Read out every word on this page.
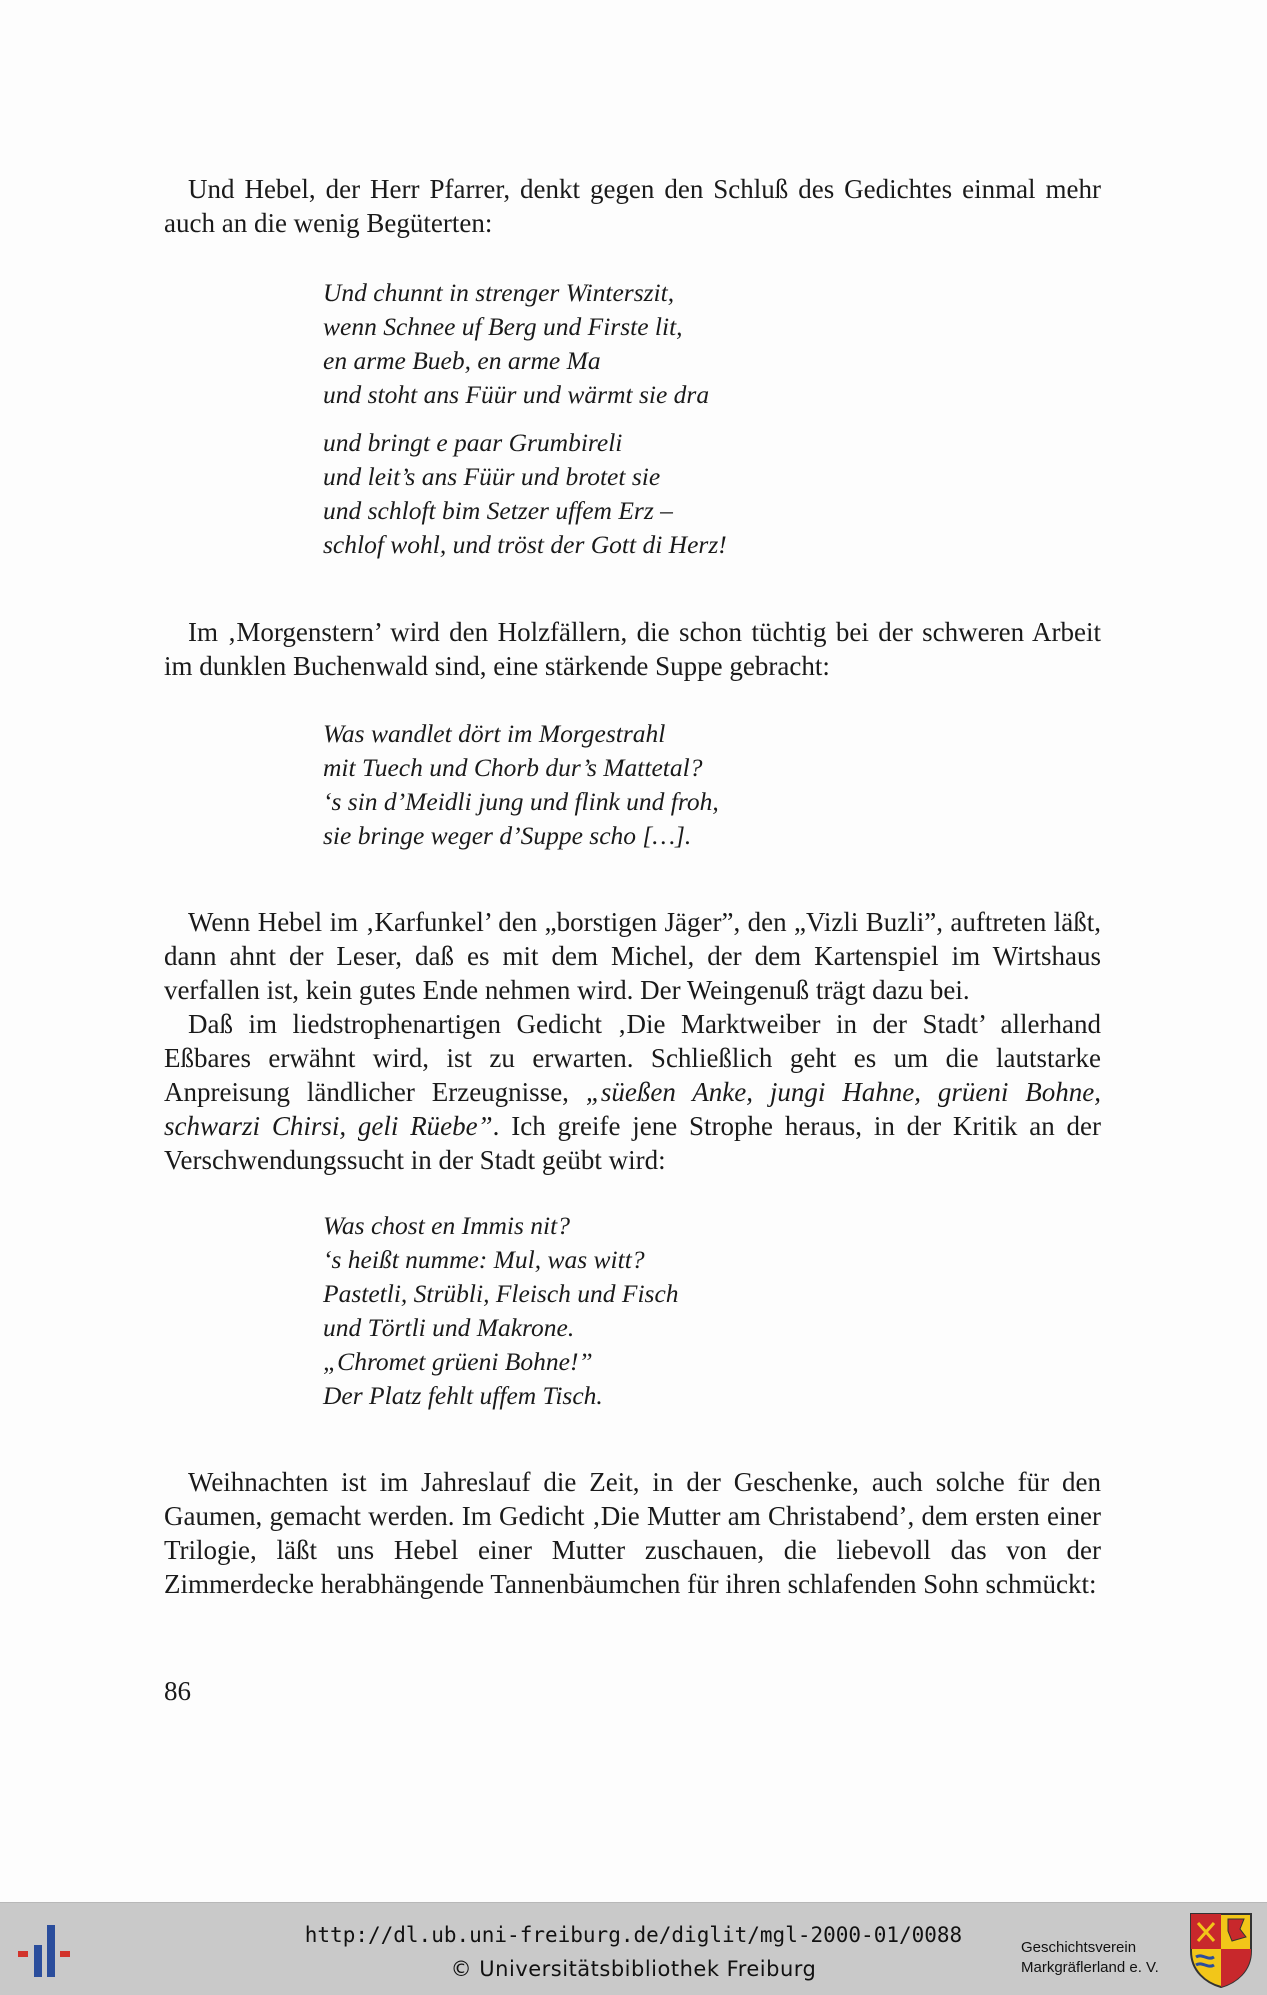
Und Hebel, der Herr Pfarrer, denkt gegen den Schluß des Gedichtes einmal mehr auch an die wenig Begüterten:

Und chunnt in strenger Winterszit,
wenn Schnee uf Berg und Firste lit,
en arme Bueb, en arme Ma
und stoht ans Füür und wärmt sie dra
und bringt e paar Grumbireli
und leit’s ans Füür und brotet sie
und schloft bim Setzer uffem Erz –
schlof wohl, und tröst der Gott di Herz!

Im ‚Morgenstern’ wird den Holzfällern, die schon tüchtig bei der schweren Arbeit im dunklen Buchenwald sind, eine stärkende Suppe gebracht:

Was wandlet dört im Morgestrahl
mit Tuech und Chorb dur’s Mattetal?
‘s sin d’Meidli jung und flink und froh,
sie bringe weger d’Suppe scho […].

Wenn Hebel im ‚Karfunkel’ den „borstigen Jäger”, den „Vizli Buzli”, auftreten läßt, dann ahnt der Leser, daß es mit dem Michel, der dem Kartenspiel im Wirtshaus verfallen ist, kein gutes Ende nehmen wird. Der Weingenuß trägt dazu bei.

Daß im liedstrophenartigen Gedicht ‚Die Marktweiber in der Stadt’ allerhand Eßbares erwähnt wird, ist zu erwarten. Schließlich geht es um die lautstarke Anpreisung ländlicher Erzeugnisse, „süeßen Anke, jungi Hahne, grüeni Bohne, schwarzi Chirsi, geli Rüebe”. Ich greife jene Strophe heraus, in der Kritik an der Verschwendungssucht in der Stadt geübt wird:

Was chost en Immis nit?
‘s heißt numme: Mul, was witt?
Pastetli, Strübli, Fleisch und Fisch
und Törtli und Makrone.
„Chromet grüeni Bohne!”
Der Platz fehlt uffem Tisch.

Weihnachten ist im Jahreslauf die Zeit, in der Geschenke, auch solche für den Gaumen, gemacht werden. Im Gedicht ‚Die Mutter am Christabend’, dem ersten einer Trilogie, läßt uns Hebel einer Mutter zuschauen, die liebevoll das von der Zimmerdecke herabhängende Tannenbäumchen für ihren schlafenden Sohn schmückt:

86
http://dl.ub.uni-freiburg.de/diglit/mgl-2000-01/0088
© Universitätsbibliothek Freiburg
Geschichtsverein
Markgräflerland e. V.
